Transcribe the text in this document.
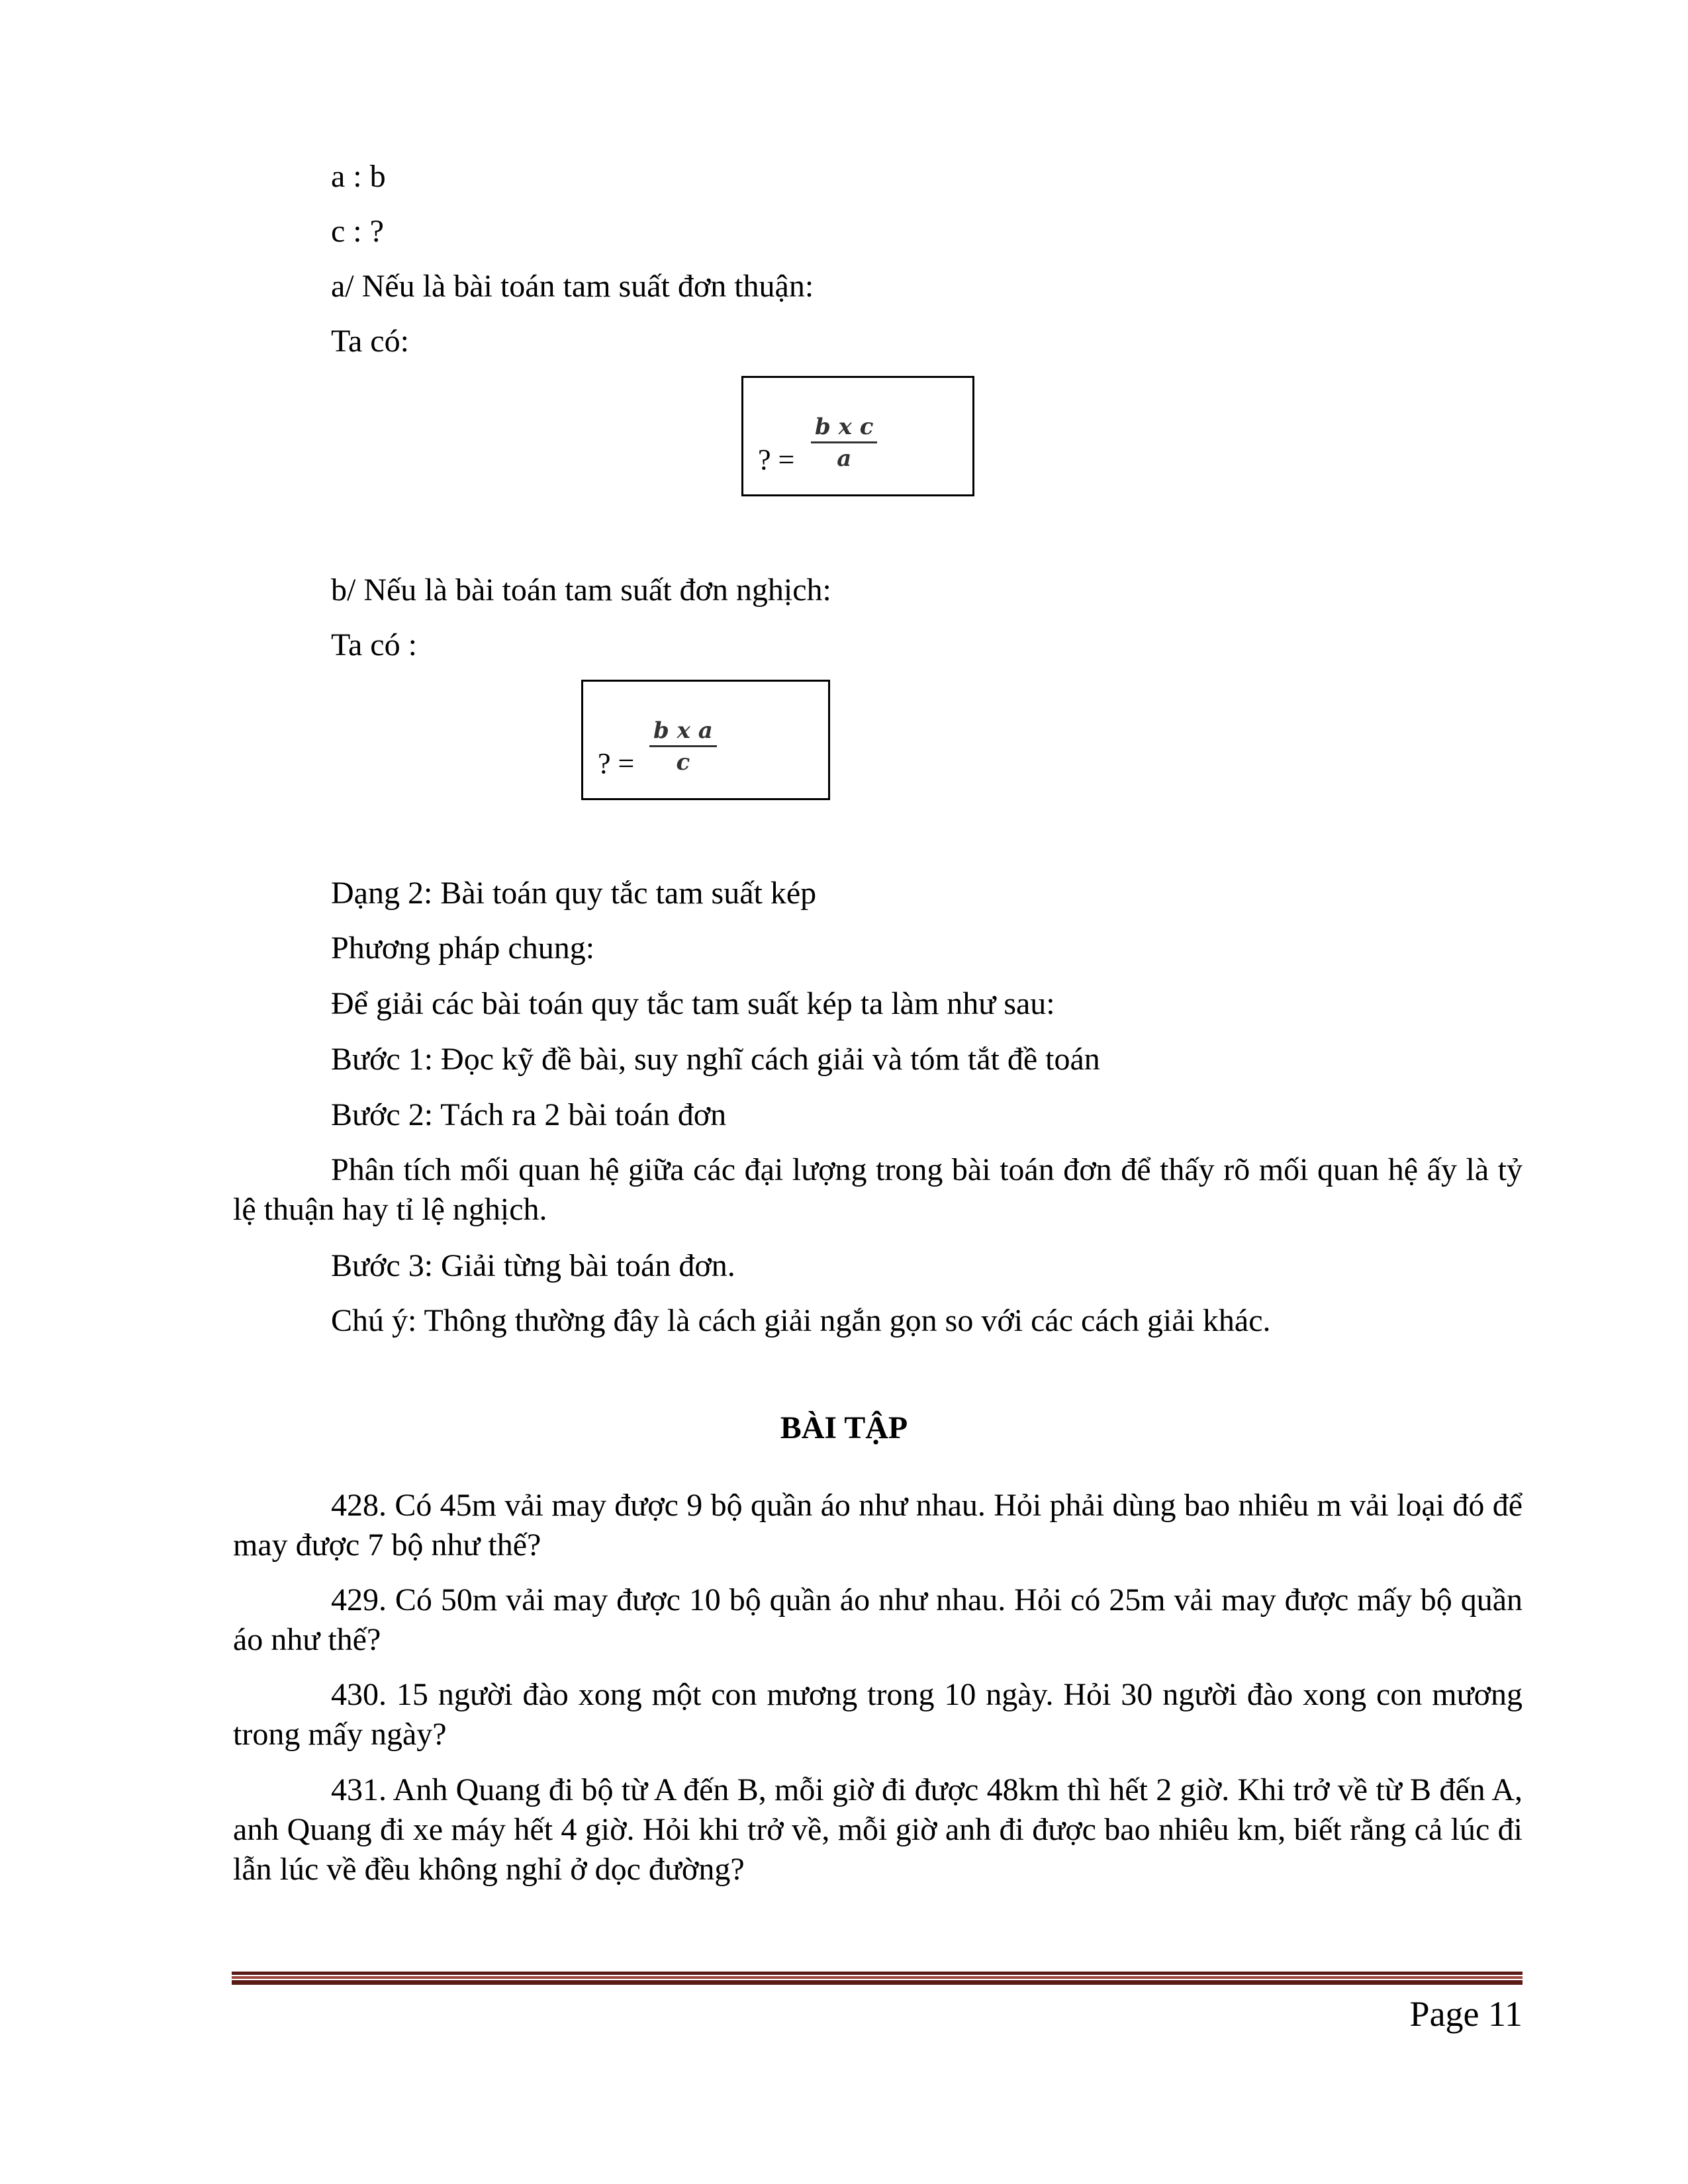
a : b

c : ?

a/ Nếu là bài toán tam suất đơn thuận:

Ta có:

? =
b x c
a

b/ Nếu là bài toán tam suất đơn nghịch:

Ta có :

? =
b x a
c

Dạng 2: Bài toán quy tắc tam suất kép

Phương pháp chung:

Để giải các bài toán quy tắc tam suất kép ta làm như sau:

Bước 1: Đọc kỹ đề bài, suy nghĩ cách giải và tóm tắt đề toán

Bước 2: Tách ra 2 bài toán đơn

Phân tích mối quan hệ giữa các đại lượng trong bài toán đơn để thấy rõ mối quan hệ ấy là tỷ lệ thuận hay tỉ lệ nghịch.

Bước 3: Giải từng bài toán đơn.

Chú ý: Thông thường đây là cách giải ngắn gọn so với các cách giải khác.

BÀI TẬP

428. Có 45m vải may được 9 bộ quần áo như nhau. Hỏi phải dùng bao nhiêu m vải loại đó để may được 7 bộ như thế?

429. Có 50m vải may được 10 bộ quần áo như nhau. Hỏi có 25m vải may được mấy bộ quần áo như thế?

430. 15 người đào xong một con mương trong 10 ngày. Hỏi 30 người đào xong con mương trong mấy ngày?

431. Anh Quang đi bộ từ A đến B, mỗi giờ đi được 48km thì hết 2 giờ. Khi trở về từ B đến A, anh Quang đi xe máy hết 4 giờ. Hỏi khi trở về, mỗi giờ anh đi được bao nhiêu km, biết rằng cả lúc đi lẫn lúc về đều không nghỉ ở dọc đường?

Page 11
